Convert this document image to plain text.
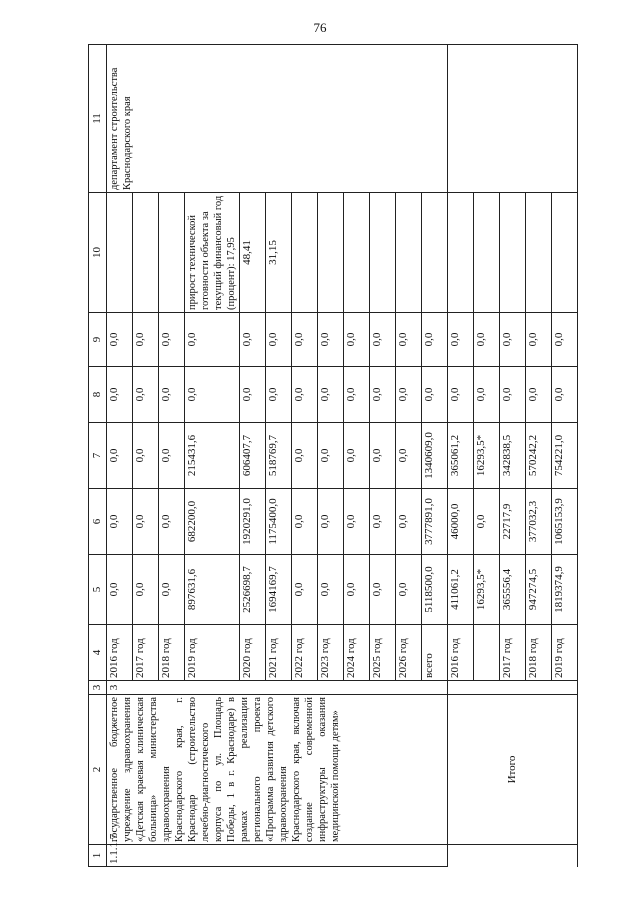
76
1	2	3	4	5	6	7	8	9	10	11
1.1.1.7	государственное бюджетное учреждение здравоохранения «Детская краевая клиническая больница» министерства здравоохранения Краснодарского края, г. Краснодар (строительство лечебно-диагностического корпуса по ул. Площадь Победы, 1 в г. Краснодаре) в рамках реализации регионального проекта «Программа развития детского здравоохранения Краснодарского края, включая создание современной инфраструктуры оказания медицинской помощи детям»	3	2016 год	0,0	0,0	0,0	0,0	0,0		департамент строительства Краснодарского края
			2017 год	0,0	0,0	0,0	0,0	0,0		
			2018 год	0,0	0,0	0,0	0,0	0,0		
			2019 год	897631,6	682200,0	215431,6	0,0	0,0	прирост технической готовности объекта за текущий финансовый год (процент): 17,95	
			2020 год	2526698,7	1920291,0	606407,7	0,0	0,0	48,41	
			2021 год	1694169,7	1175400,0	518769,7	0,0	0,0	31,15	
			2022 год	0,0	0,0	0,0	0,0	0,0		
			2023 год	0,0	0,0	0,0	0,0	0,0		
			2024 год	0,0	0,0	0,0	0,0	0,0		
			2025 год	0,0	0,0	0,0	0,0	0,0		
			2026 год	0,0	0,0	0,0	0,0	0,0		
			всего	5118500,0	3777891,0	1340609,0	0,0	0,0		
	Итого		2016 год	411061,2	46000,0	365061,2	0,0	0,0		
				16293,5*	0,0	16293,5*	0,0	0,0		
			2017 год	365556,4	22717,9	342838,5	0,0	0,0		
			2018 год	947274,5	377032,3	570242,2	0,0	0,0		
			2019 год	1819374,9	1065153,9	754221,0	0,0	0,0		
